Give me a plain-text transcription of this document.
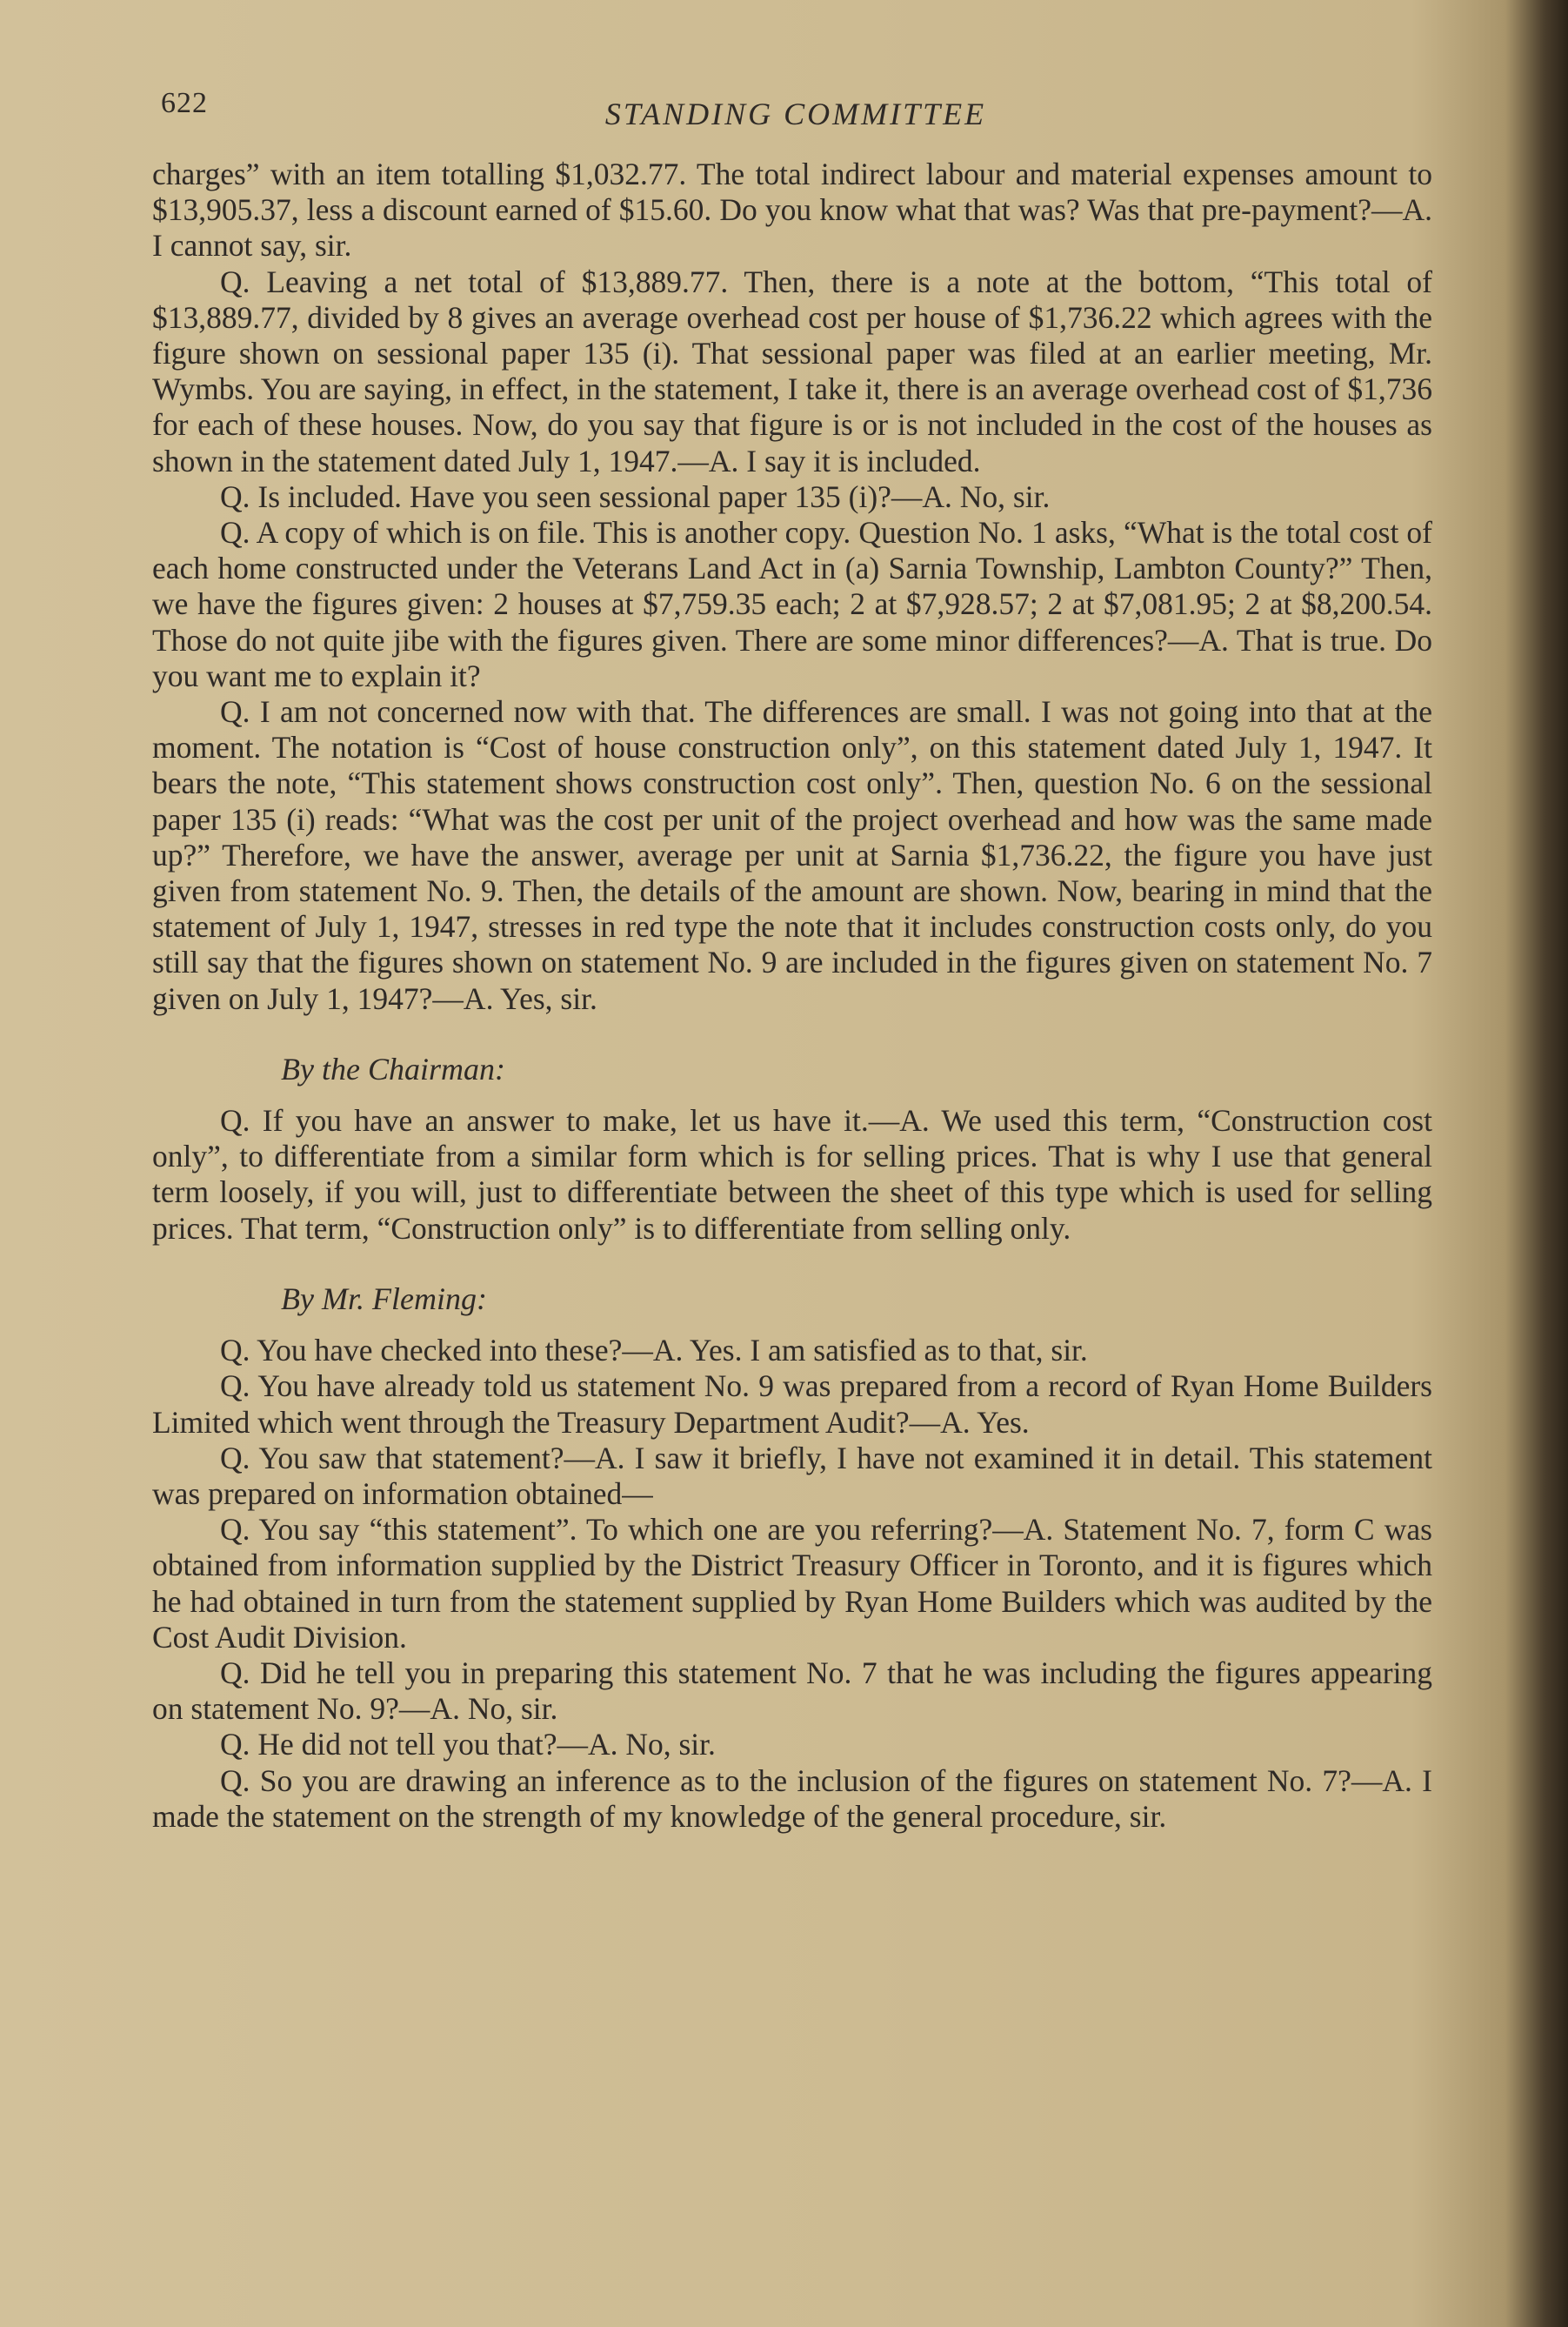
622	STANDING COMMITTEE

charges” with an item totalling $1,032.77. The total indirect labour and material expenses amount to $13,905.37, less a discount earned of $15.60. Do you know what that was? Was that pre-payment?—A. I cannot say, sir.

Q. Leaving a net total of $13,889.77. Then, there is a note at the bottom, “This total of $13,889.77, divided by 8 gives an average overhead cost per house of $1,736.22 which agrees with the figure shown on sessional paper 135 (i). That sessional paper was filed at an earlier meeting, Mr. Wymbs. You are saying, in effect, in the statement, I take it, there is an average overhead cost of $1,736 for each of these houses. Now, do you say that figure is or is not included in the cost of the houses as shown in the statement dated July 1, 1947.—A. I say it is included.

Q. Is included. Have you seen sessional paper 135 (i)?—A. No, sir.

Q. A copy of which is on file. This is another copy. Question No. 1 asks, “What is the total cost of each home constructed under the Veterans Land Act in (a) Sarnia Township, Lambton County?” Then, we have the figures given: 2 houses at $7,759.35 each; 2 at $7,928.57; 2 at $7,081.95; 2 at $8,200.54. Those do not quite jibe with the figures given. There are some minor differences?—A. That is true. Do you want me to explain it?

Q. I am not concerned now with that. The differences are small. I was not going into that at the moment. The notation is “Cost of house construction only”, on this statement dated July 1, 1947. It bears the note, “This statement shows construction cost only”. Then, question No. 6 on the sessional paper 135 (i) reads: “What was the cost per unit of the project overhead and how was the same made up?” Therefore, we have the answer, average per unit at Sarnia $1,736.22, the figure you have just given from statement No. 9. Then, the details of the amount are shown. Now, bearing in mind that the statement of July 1, 1947, stresses in red type the note that it includes construction costs only, do you still say that the figures shown on statement No. 9 are included in the figures given on statement No. 7 given on July 1, 1947?—A. Yes, sir.

By the Chairman:

Q. If you have an answer to make, let us have it.—A. We used this term, “Construction cost only”, to differentiate from a similar form which is for selling prices. That is why I use that general term loosely, if you will, just to differentiate between the sheet of this type which is used for selling prices. That term, “Construction only” is to differentiate from selling only.

By Mr. Fleming:

Q. You have checked into these?—A. Yes. I am satisfied as to that, sir.

Q. You have already told us statement No. 9 was prepared from a record of Ryan Home Builders Limited which went through the Treasury Department Audit?—A. Yes.

Q. You saw that statement?—A. I saw it briefly, I have not examined it in detail. This statement was prepared on information obtained—

Q. You say “this statement”. To which one are you referring?—A. Statement No. 7, form C was obtained from information supplied by the District Treasury Officer in Toronto, and it is figures which he had obtained in turn from the statement supplied by Ryan Home Builders which was audited by the Cost Audit Division.

Q. Did he tell you in preparing this statement No. 7 that he was including the figures appearing on statement No. 9?—A. No, sir.

Q. He did not tell you that?—A. No, sir.

Q. So you are drawing an inference as to the inclusion of the figures on statement No. 7?—A. I made the statement on the strength of my knowledge of the general procedure, sir.
